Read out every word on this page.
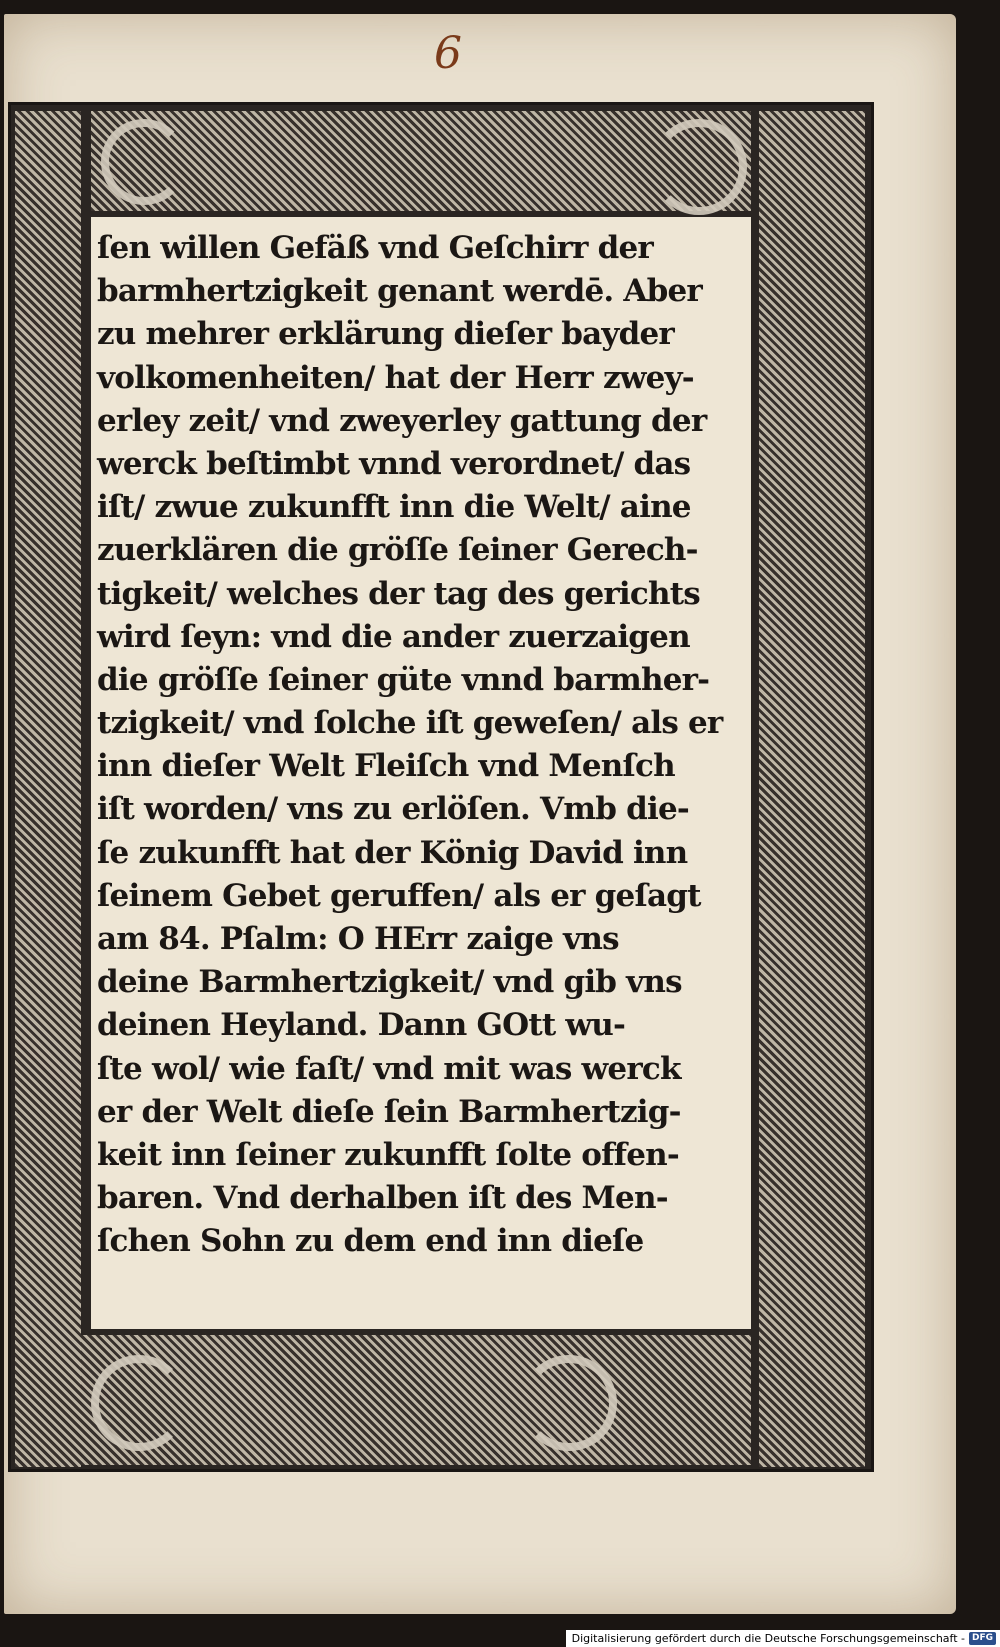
6
ſen willen Gefäß vnd Geſchirr der
barmhertzigkeit genant werdē. Aber
zu mehrer erklärung dieſer bayder
volkomenheiten/ hat der Herr zwey-
erley zeit/ vnd zweyerley gattung der
werck beſtimbt vnnd verordnet/ das
iſt/ zwue zukunfft inn die Welt/ aine
zuerklären die gröſſe ſeiner Gerech-
tigkeit/ welches der tag des gerichts
wird ſeyn: vnd die ander zuerzaigen
die gröſſe ſeiner güte vnnd barmher-
tzigkeit/ vnd ſolche iſt geweſen/ als er
inn dieſer Welt Fleiſch vnd Menſch
iſt worden/ vns zu erlöſen. Vmb die-
ſe zukunfft hat der König David inn
ſeinem Gebet geruffen/ als er geſagt
am 84. Pſalm: O HErr zaige vns
deine Barmhertzigkeit/ vnd gib vns
deinen Heyland. Dann GOtt wu-
ſte wol/ wie faſt/ vnd mit was werck
er der Welt dieſe ſein Barmhertzig-
keit inn ſeiner zukunfft ſolte offen-
baren. Vnd derhalben iſt des Men-
ſchen Sohn zu dem end inn dieſe
Digitalisierung gefördert durch die Deutsche Forschungsgemeinschaft - DFG
